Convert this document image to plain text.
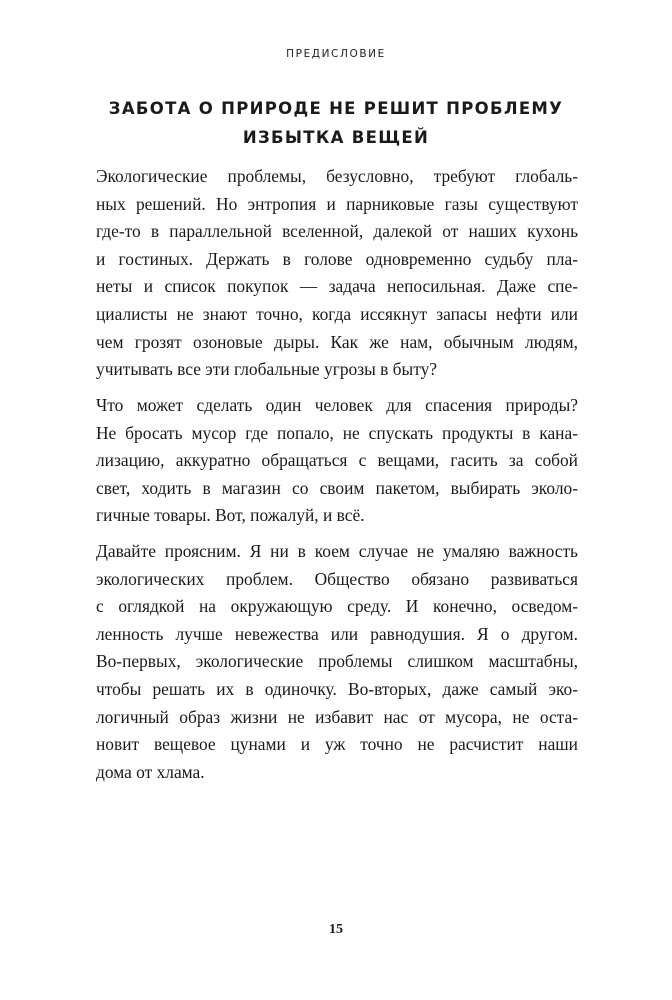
ПРЕДИСЛОВИЕ
ЗАБОТА О ПРИРОДЕ НЕ РЕШИТ ПРОБЛЕМУ
ИЗБЫТКА ВЕЩЕЙ
Экологические проблемы, безусловно, требуют глобаль-
ных решений. Но энтропия и парниковые газы существуют
где-то в параллельной вселенной, далекой от наших кухонь
и гостиных. Держать в голове одновременно судьбу пла-
неты и список покупок — задача непосильная. Даже спе-
циалисты не знают точно, когда иссякнут запасы нефти или
чем грозят озоновые дыры. Как же нам, обычным людям,
учитывать все эти глобальные угрозы в быту?
Что может сделать один человек для спасения природы?
Не бросать мусор где попало, не спускать продукты в кана-
лизацию, аккуратно обращаться с вещами, гасить за собой
свет, ходить в магазин со своим пакетом, выбирать эколо-
гичные товары. Вот, пожалуй, и всё.
Давайте проясним. Я ни в коем случае не умаляю важность
экологических проблем. Общество обязано развиваться
с оглядкой на окружающую среду. И конечно, осведом-
ленность лучше невежества или равнодушия. Я о другом.
Во-первых, экологические проблемы слишком масштабны,
чтобы решать их в одиночку. Во-вторых, даже самый эко-
логичный образ жизни не избавит нас от мусора, не оста-
новит вещевое цунами и уж точно не расчистит наши
дома от хлама.
15
